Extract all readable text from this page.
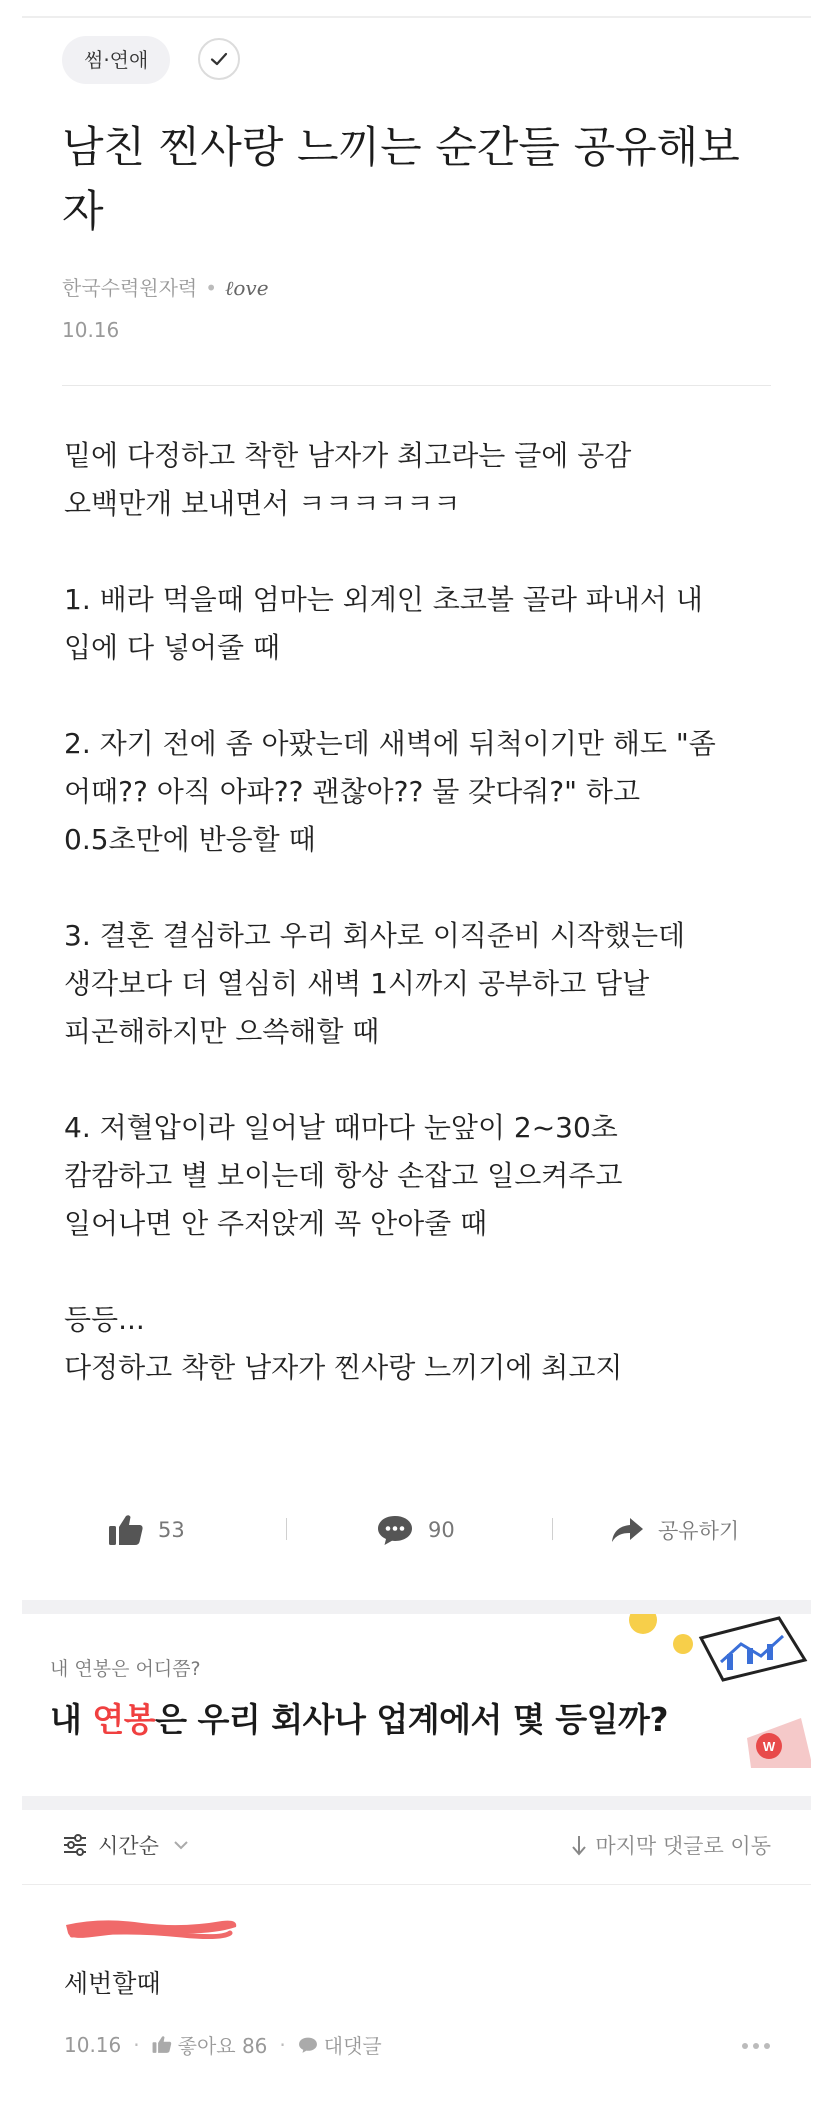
썸·연애
남친 찐사랑 느끼는 순간들 공유해보자
한국수력원자력 • ℓove
10.16
밑에 다정하고 착한 남자가 최고라는 글에 공감
오백만개 보내면서 ㅋㅋㅋㅋㅋㅋ

1. 배라 먹을때 엄마는 외계인 초코볼 골라 파내서 내
입에 다 넣어줄 때

2. 자기 전에 좀 아팠는데 새벽에 뒤척이기만 해도 "좀
어때?? 아직 아파?? 괜찮아?? 물 갖다줘?" 하고
0.5초만에 반응할 때

3. 결혼 결심하고 우리 회사로 이직준비 시작했는데
생각보다 더 열심히 새벽 1시까지 공부하고 담날
피곤해하지만 으쓱해할 때

4. 저혈압이라 일어날 때마다 눈앞이 2~30초
캄캄하고 별 보이는데 항상 손잡고 일으켜주고
일어나면 안 주저앉게 꼭 안아줄 때

등등...
다정하고 착한 남자가 찐사랑 느끼기에 최고지
53	90	공유하기
W
내 연봉은 어디쯤?
내 연봉은 우리 회사나 업계에서 몇 등일까?
시간순	마지막 댓글로 이동
세번할때
10.16 · 좋아요 86 · 대댓글
